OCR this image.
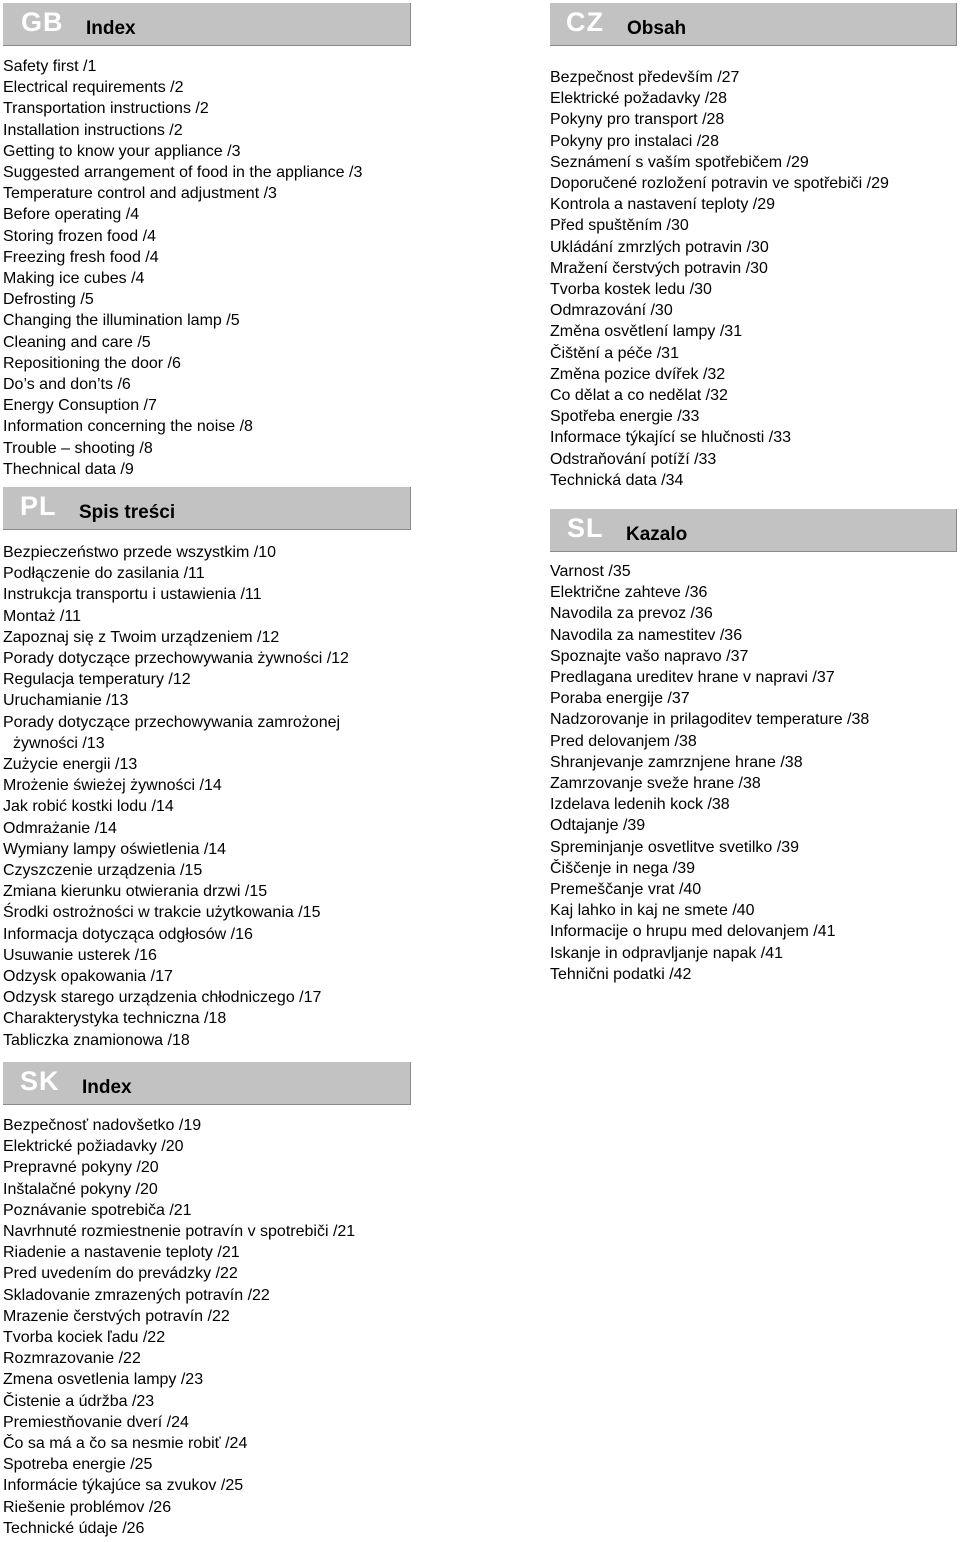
GB Index
Safety first /1
Electrical requirements /2
Transportation instructions /2
Installation instructions /2
Getting to know your appliance /3
Suggested arrangement of food in the appliance /3
Temperature control and adjustment /3
Before operating /4
Storing frozen food /4
Freezing fresh food /4
Making ice cubes /4
Defrosting /5
Changing the illumination lamp /5
Cleaning and care /5
Repositioning the door /6
Do’s and don’ts /6
Energy Consuption /7
Information concerning the noise /8
Trouble – shooting /8
Thechnical data /9
PL Spis treści
Bezpieczeństwo przede wszystkim /10
Podłączenie do zasilania /11
Instrukcja transportu i ustawienia /11
Montaż /11
Zapoznaj się z Twoim urządzeniem /12
Porady dotyczące przechowywania żywności /12
Regulacja temperatury /12
Uruchamianie /13
Porady dotyczące przechowywania zamrożonej
żywności /13
Zużycie energii /13
Mrożenie świeżej żywności /14
Jak robić kostki lodu /14
Odmrażanie /14
Wymiany lampy oświetlenia /14
Czyszczenie urządzenia /15
Zmiana kierunku otwierania drzwi /15
Środki ostrożności w trakcie użytkowania /15
Informacja dotycząca odgłosów /16
Usuwanie usterek /16
Odzysk opakowania /17
Odzysk starego urządzenia chłodniczego /17
Charakterystyka techniczna /18
Tabliczka znamionowa /18
SK Index
Bezpečnosť nadovšetko /19
Elektrické požiadavky /20
Prepravné pokyny /20
Inštalačné pokyny /20
Poznávanie spotrebiča /21
Navrhnuté rozmiestnenie potravín v spotrebiči /21
Riadenie a nastavenie teploty /21
Pred uvedením do prevádzky /22
Skladovanie zmrazených potravín /22
Mrazenie čerstvých potravín /22
Tvorba kociek ľadu /22
Rozmrazovanie /22
Zmena osvetlenia lampy /23
Čistenie a údržba /23
Premiestňovanie dverí /24
Čo sa má a čo sa nesmie robiť /24
Spotreba energie /25
Informácie týkajúce sa zvukov /25
Riešenie problémov /26
Technické údaje /26
CZ Obsah
Bezpečnost především /27
Elektrické požadavky /28
Pokyny pro transport /28
Pokyny pro instalaci /28
Seznámení s vaším spotřebičem /29
Doporučené rozložení potravin ve spotřebiči /29
Kontrola a nastavení teploty /29
Před spuštěním /30
Ukládání zmrzlých potravin /30
Mražení čerstvých potravin /30
Tvorba kostek ledu /30
Odmrazování /30
Změna osvětlení lampy /31
Čištění a péče /31
Změna pozice dvířek /32
Co dělat a co nedělat /32
Spotřeba energie /33
Informace týkající se hlučnosti /33
Odstraňování potíží /33
Technická data /34
SL Kazalo
Varnost /35
Električne zahteve /36
Navodila za prevoz /36
Navodila za namestitev /36
Spoznajte vašo napravo /37
Predlagana ureditev hrane v napravi /37
Poraba energije /37
Nadzorovanje in prilagoditev temperature /38
Pred delovanjem /38
Shranjevanje zamrznjene hrane /38
Zamrzovanje sveže hrane /38
Izdelava ledenih kock /38
Odtajanje /39
Spreminjanje osvetlitve svetilko /39
Čiščenje in nega /39
Premeščanje vrat /40
Kaj lahko in kaj ne smete /40
Informacije o hrupu med delovanjem /41
Iskanje in odpravljanje napak /41
Tehnični podatki /42
